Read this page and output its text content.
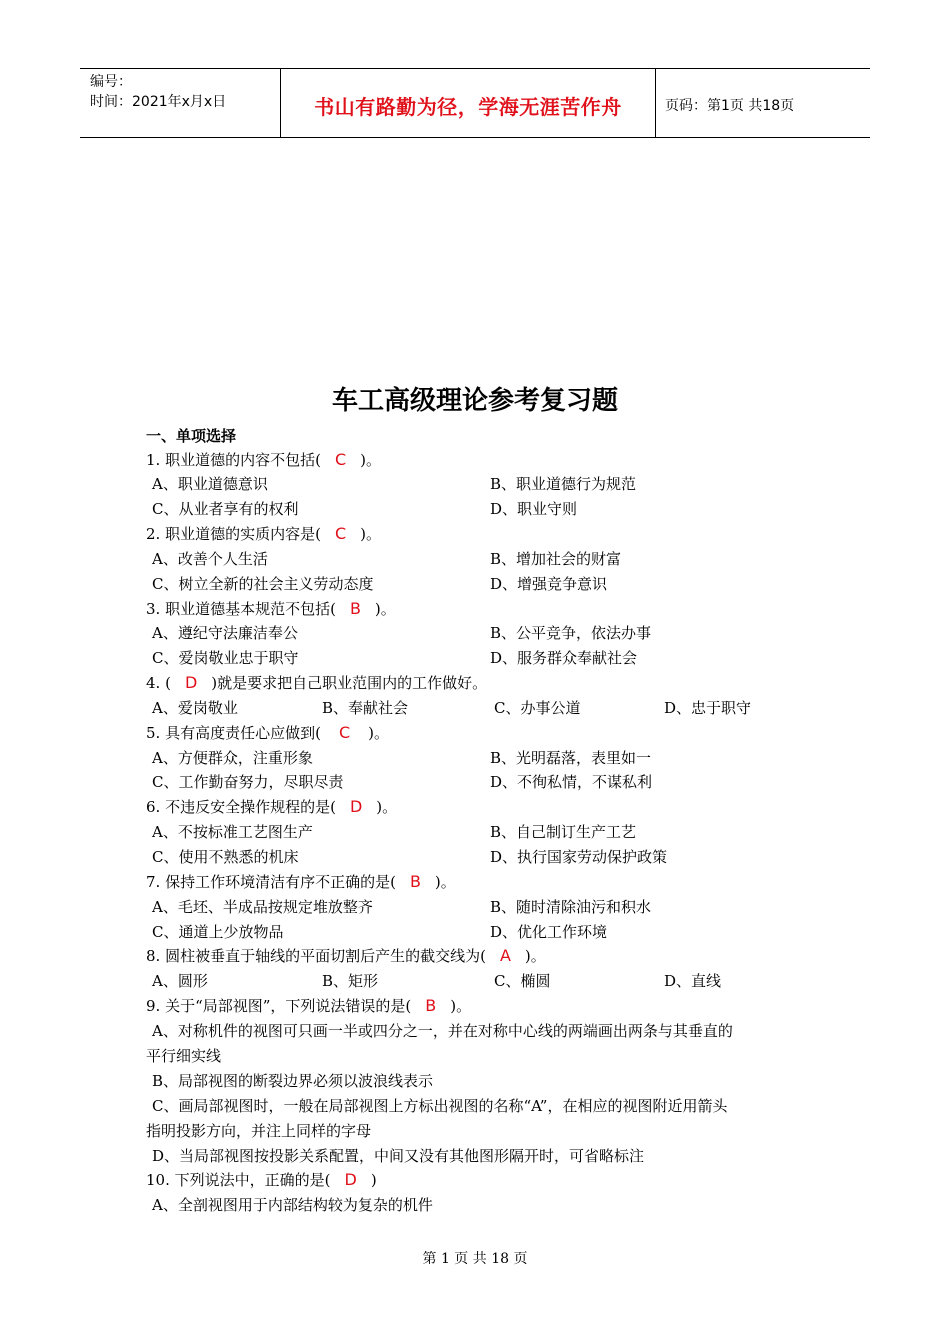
编号：
时间：2021年x月x日	书山有路勤为径，学海无涯苦作舟	页码：第1页 共18页
车工高级理论参考复习题
一、单项选择
1. 职业道德的内容不包括( C )。
A、职业道德意识	B、职业道德行为规范
C、从业者享有的权利	D、职业守则
2. 职业道德的实质内容是( C )。
A、改善个人生活	B、增加社会的财富
C、树立全新的社会主义劳动态度	D、增强竞争意识
3. 职业道德基本规范不包括( B )。
A、遵纪守法廉洁奉公	B、公平竞争，依法办事
C、爱岗敬业忠于职守	D、服务群众奉献社会
4. ( D )就是要求把自己职业范围内的工作做好。
A、爱岗敬业	B、奉献社会	C、办事公道	D、忠于职守
5. 具有高度责任心应做到( C )。
A、方便群众，注重形象	B、光明磊落，表里如一
C、工作勤奋努力，尽职尽责	D、不徇私情，不谋私利
6. 不违反安全操作规程的是( D )。
A、不按标准工艺图生产	B、自己制订生产工艺
C、使用不熟悉的机床	D、执行国家劳动保护政策
7. 保持工作环境清洁有序不正确的是( B )。
A、毛坯、半成品按规定堆放整齐	B、随时清除油污和积水
C、通道上少放物品	D、优化工作环境
8. 圆柱被垂直于轴线的平面切割后产生的截交线为( A )。
A、圆形	B、矩形	C、椭圆	D、直线
9. 关于“局部视图”，下列说法错误的是( B )。
A、对称机件的视图可只画一半或四分之一，并在对称中心线的两端画出两条与其垂直的
平行细实线
B、局部视图的断裂边界必须以波浪线表示
C、画局部视图时，一般在局部视图上方标出视图的名称“A”，在相应的视图附近用箭头
指明投影方向，并注上同样的字母
D、当局部视图按投影关系配置，中间又没有其他图形隔开时，可省略标注
10. 下列说法中，正确的是( D )
A、全剖视图用于内部结构较为复杂的机件
第 1 页 共 18 页
